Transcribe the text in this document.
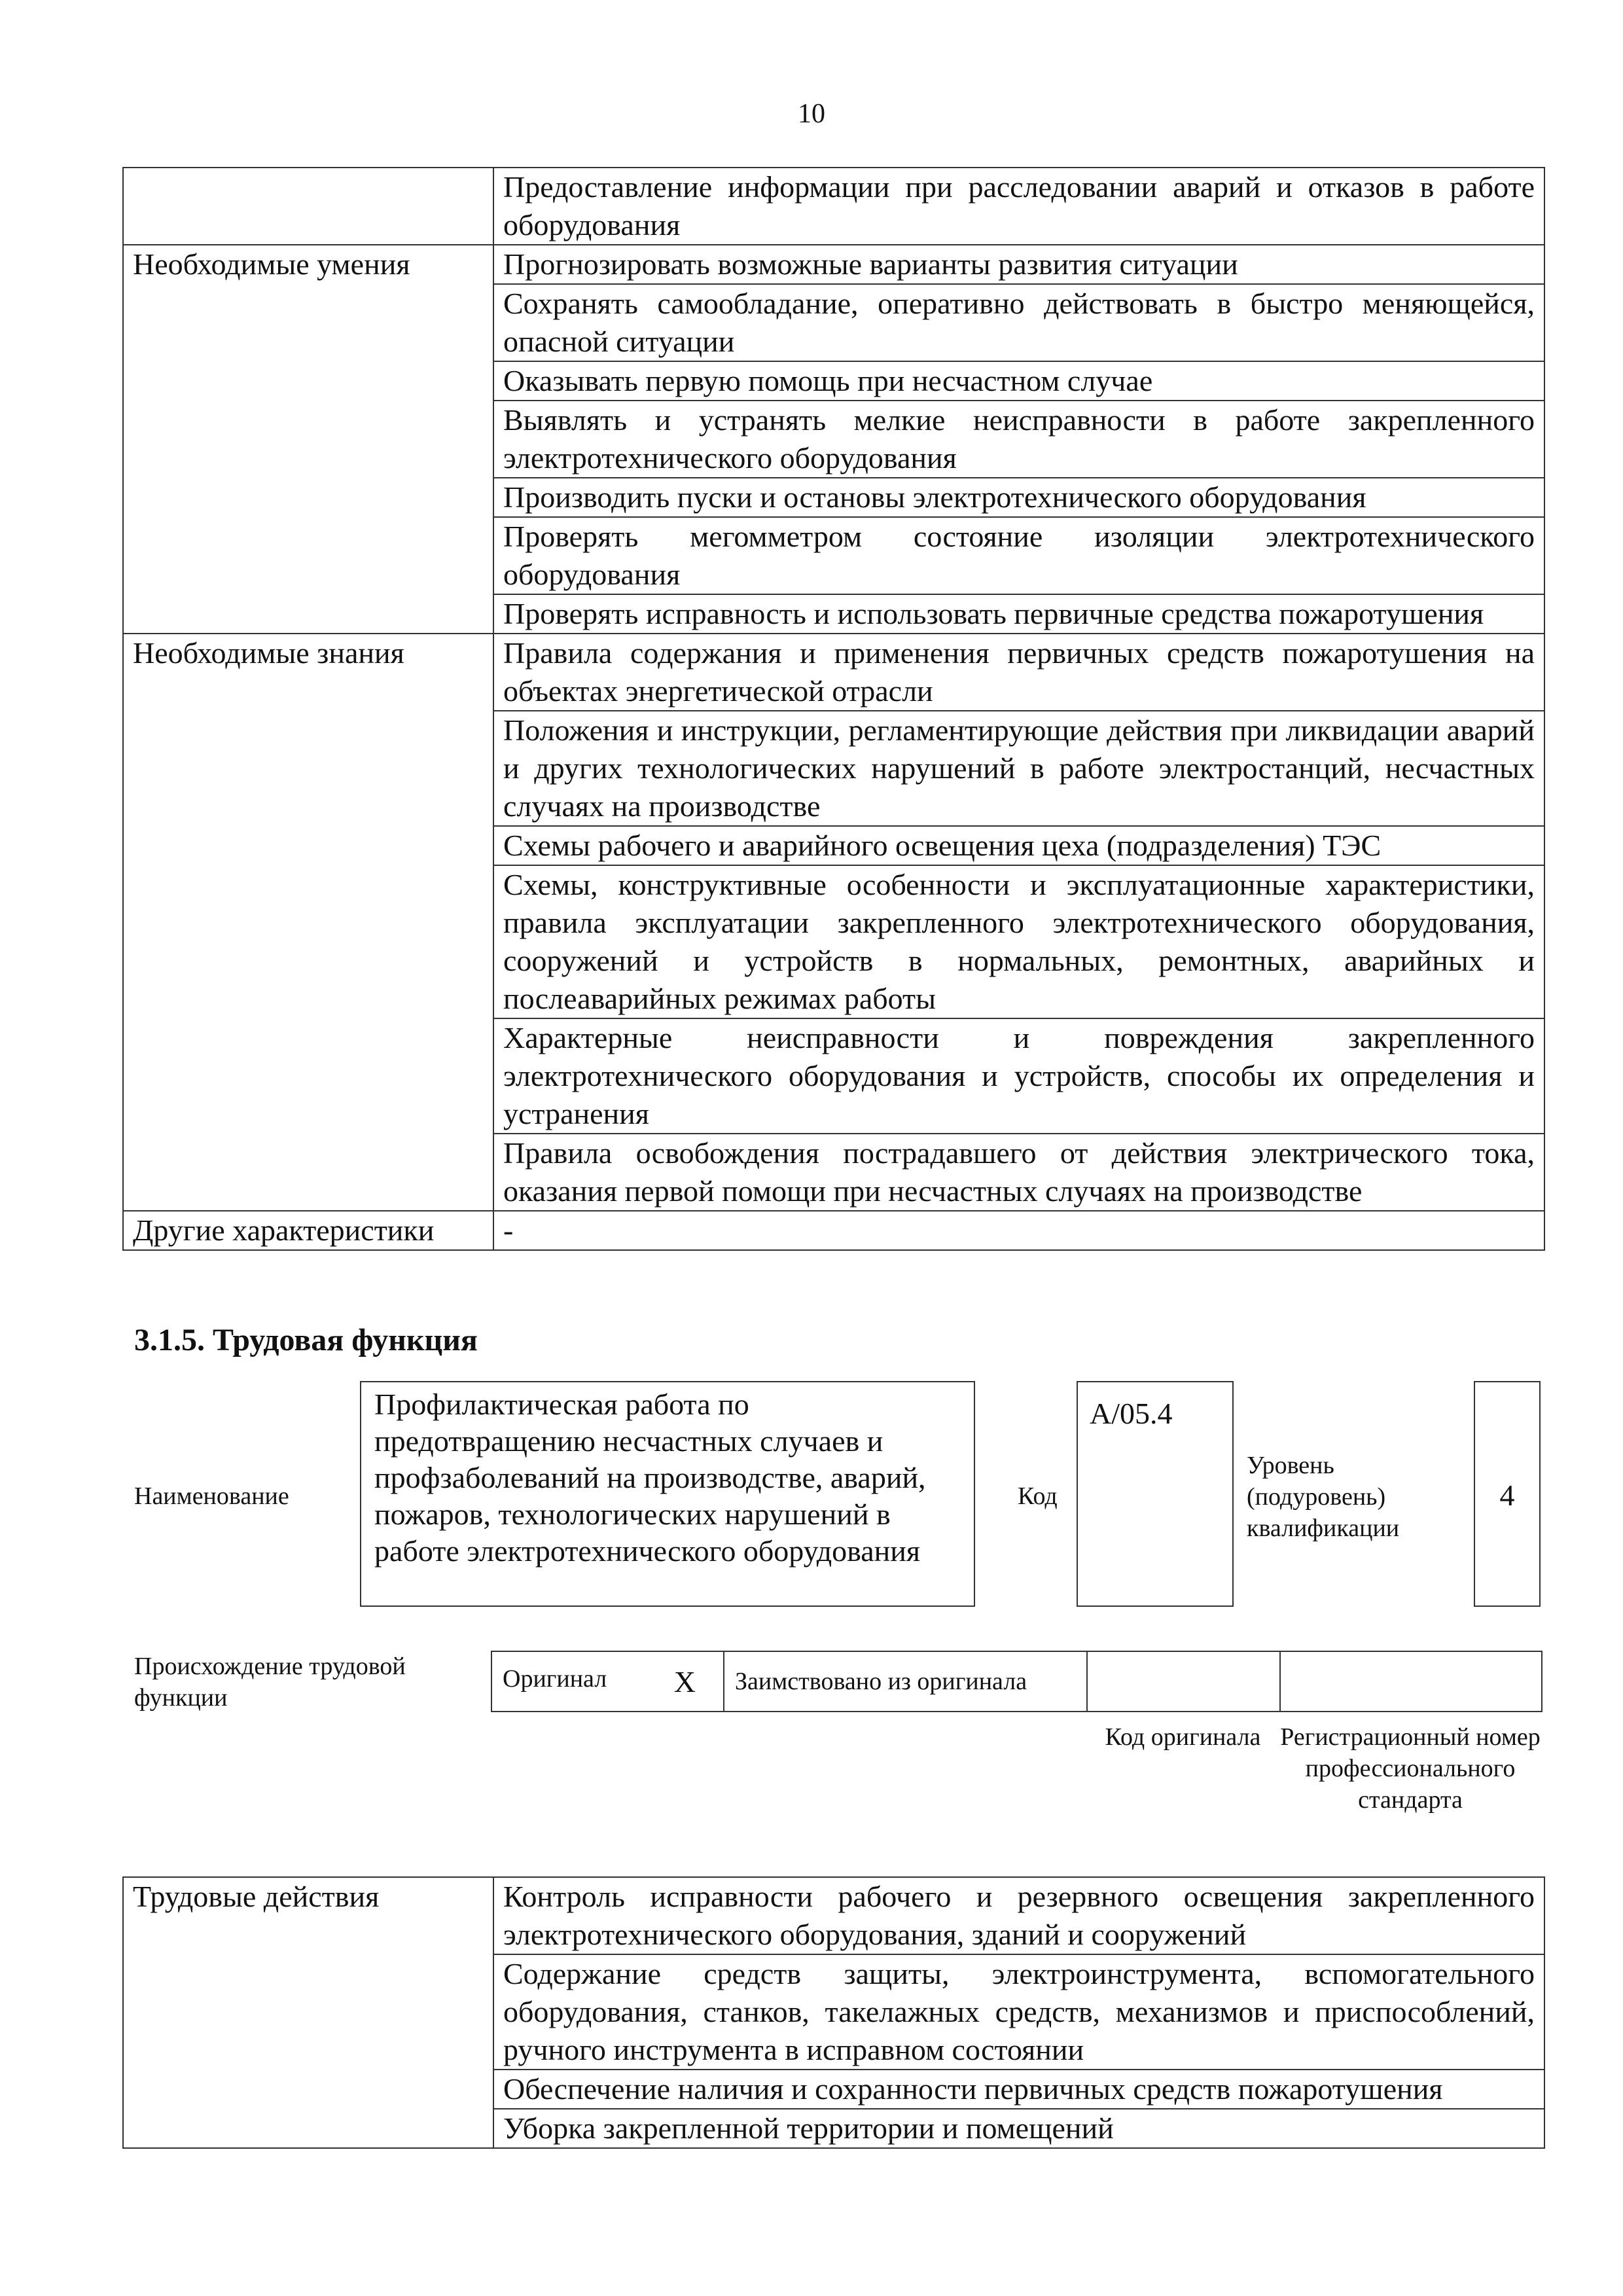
10
	Предоставление информации при расследовании аварий и отказов в работе оборудования
Необходимые умения	Прогнозировать возможные варианты развития ситуации
	Сохранять самообладание, оперативно действовать в быстро меняющейся, опасной ситуации
	Оказывать первую помощь при несчастном случае
	Выявлять и устранять мелкие неисправности в работе закрепленного электротехнического оборудования
	Производить пуски и остановы электротехнического оборудования
	Проверять мегомметром состояние изоляции электротехнического оборудования
	Проверять исправность и использовать первичные средства пожаротушения
Необходимые знания	Правила содержания и применения первичных средств пожаротушения на объектах энергетической отрасли
	Положения и инструкции, регламентирующие действия при ликвидации аварий и других технологических нарушений в работе электростанций, несчастных случаях на производстве
	Схемы рабочего и аварийного освещения цеха (подразделения) ТЭС
	Схемы, конструктивные особенности и эксплуатационные характеристики, правила эксплуатации закрепленного электротехнического оборудования, сооружений и устройств в нормальных, ремонтных, аварийных и послеаварийных режимах работы
	Характерные неисправности и повреждения закрепленного электротехнического оборудования и устройств, способы их определения и устранения
	Правила освобождения пострадавшего от действия электрического тока, оказания первой помощи при несчастных случаях на производстве
Другие характеристики	-
3.1.5. Трудовая функция
Наименование
Профилактическая работа по предотвращению несчастных случаев и профзаболеваний на производстве, аварий, пожаров, технологических нарушений в работе электротехнического оборудования
Код
A/05.4
Уровень (подуровень) квалификации
4
Происхождение трудовой функции
Оригинал X	Заимствовано из оригинала		
Код оригинала Регистрационный номер профессионального стандарта
Трудовые действия	Контроль исправности рабочего и резервного освещения закрепленного электротехнического оборудования, зданий и сооружений
Содержание средств защиты, электроинструмента, вспомогательного оборудования, станков, такелажных средств, механизмов и приспособлений, ручного инструмента в исправном состоянии
Обеспечение наличия и сохранности первичных средств пожаротушения
Уборка закрепленной территории и помещений
